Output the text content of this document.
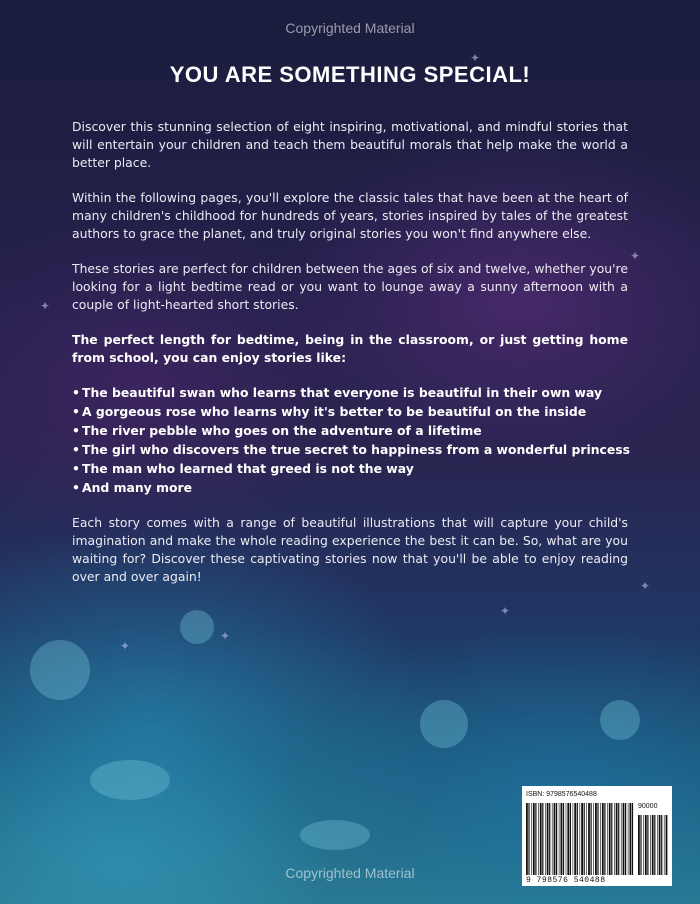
✦
✦
✦
✦
✦
✦
✦
Copyrighted Material
YOU ARE SOMETHING SPECIAL!

Discover this stunning selection of eight inspiring, motivational, and mindful stories that will entertain your children and teach them beautiful morals that help make the world a better place.

Within the following pages, you'll explore the classic tales that have been at the heart of many children's childhood for hundreds of years, stories inspired by tales of the greatest authors to grace the planet, and truly original stories you won't find anywhere else.

These stories are perfect for children between the ages of six and twelve, whether you're looking for a light bedtime read or you want to lounge away a sunny afternoon with a couple of light-hearted short stories.

The perfect length for bedtime, being in the classroom, or just getting home from school, you can enjoy stories like:

• The beautiful swan who learns that everyone is beautiful in their own way
• A gorgeous rose who learns why it's better to be beautiful on the inside
• The river pebble who goes on the adventure of a lifetime
• The girl who discovers the true secret to happiness from a wonderful princess
• The man who learned that greed is not the way
• And many more

Each story comes with a range of beautiful illustrations that will capture your child's imagination and make the whole reading experience the best it can be. So, what are you waiting for? Discover these captivating stories now that you'll be able to enjoy reading over and over again!

ISBN: 9798576540488
90000
9 798576 540488
Copyrighted Material
